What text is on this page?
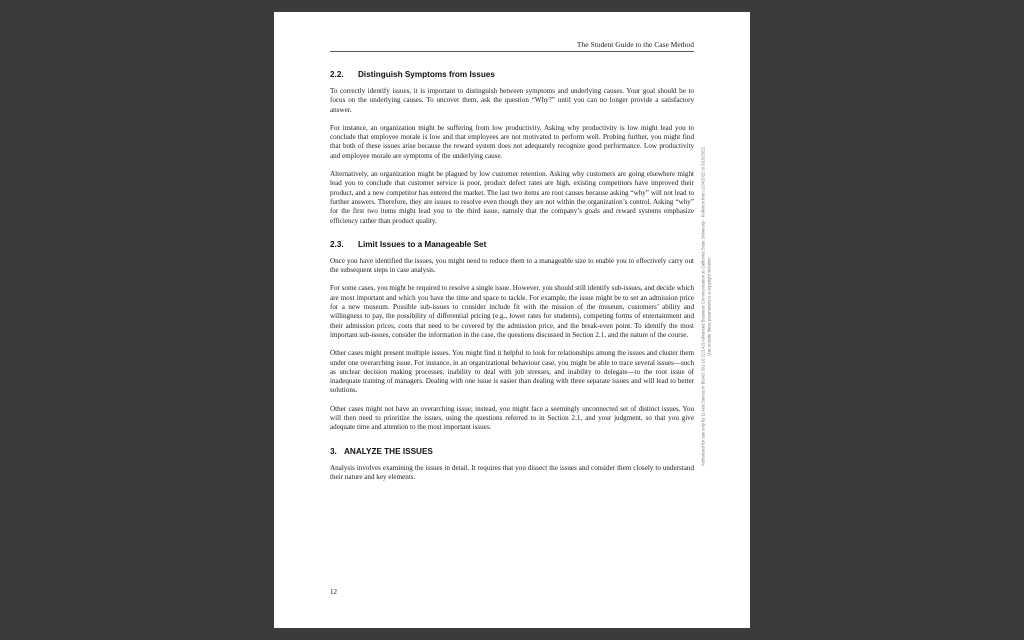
The Student Guide to the Case Method
2.2. Distinguish Symptoms from Issues

To correctly identify issues, it is important to distinguish between symptoms and underlying causes. Your goal should be to focus on the underlying causes. To uncover them, ask the question “Why?” until you can no longer provide a satisfactory answer.

For instance, an organization might be suffering from low productivity. Asking why productivity is low might lead you to conclude that employee morale is low and that employees are not motivated to perform well. Probing further, you might find that both of these issues arise because the reward system does not adequately recognize good performance. Low productivity and employee morale are symptoms of the underlying cause.

Alternatively, an organization might be plagued by low customer retention. Asking why customers are going elsewhere might lead you to conclude that customer service is poor, product defect rates are high, existing competitors have improved their product, and a new competitor has entered the market. The last two items are root causes because asking “why” will not lead to further answers. Therefore, they are issues to resolve even though they are not within the organization’s control. Asking “why” for the first two items might lead you to the third issue, namely that the company’s goals and reward systems emphasize efficiency rather than product quality.

2.3. Limit Issues to a Manageable Set

Once you have identified the issues, you might need to reduce them to a manageable size to enable you to effectively carry out the subsequent steps in case analysis.

For some cases, you might be required to resolve a single issue. However, you should still identify sub-issues, and decide which are most important and which you have the time and space to tackle. For example, the issue might be to set an admission price for a new museum. Possible sub-issues to consider include fit with the mission of the museum, customers’ ability and willingness to pay, the possibility of differential pricing (e.g., lower rates for students), competing forms of entertainment and their admission prices, costs that need to be covered by the admission price, and the break-even point. To identify the most important sub-issues, consider the information in the case, the questions discussed in Section 2.1, and the nature of the course.

Other cases might present multiple issues. You might find it helpful to look for relationships among the issues and cluster them under one overarching issue. For instance, in an organizational behaviour case, you might be able to trace several issues—such as unclear decision making processes, inability to deal with job stresses, and inability to delegate—to the root issue of inadequate training of managers. Dealing with one issue is easier than dealing with three separate issues and will lead to better solutions.

Other cases might not have an overarching issue; instead, you might face a seemingly unconnected set of distinct issues. You will then need to prioritize the issues, using the questions referred to in Section 2.1, and your judgment, so that you give adequate time and attention to the most important issues.

3. ANALYZE THE ISSUES

Analysis involves examining the issues in detail. It requires that you dissect the issues and consider them closely to understand their nature and key elements.

12
Authorized for use only by 11-last Santos in BUAD 301-16 (12142) Advanced Business Communication at California State University - Fullerton from 1/24/2022 to 5/15/2022. Use outside these parameters is a copyright violation.
